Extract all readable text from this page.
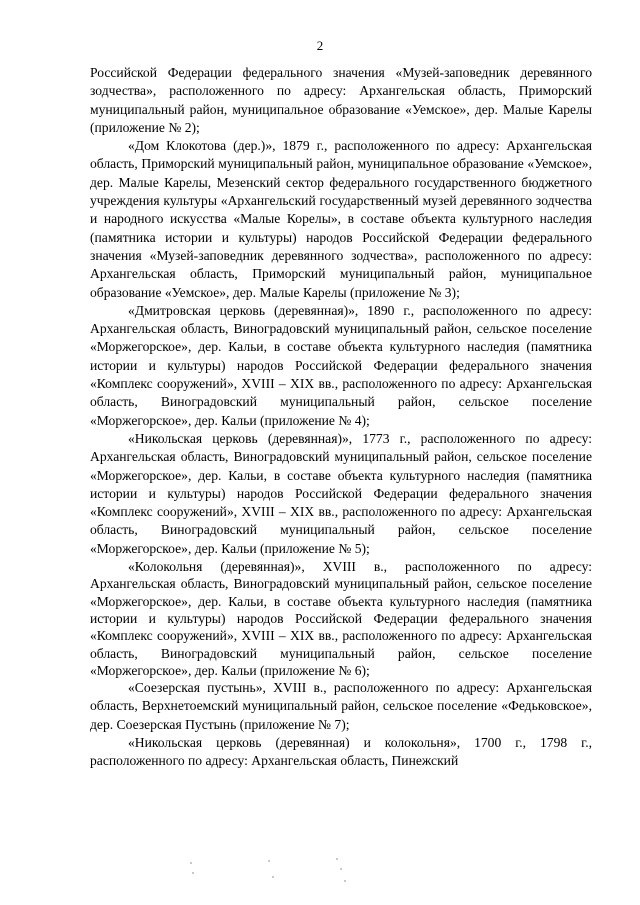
2

Российской Федерации федерального значения «Музей-заповедник деревянного зодчества», расположенного по адресу: Архангельская область, Приморский муниципальный район, муниципальное образование «Уемское», дер. Малые Карелы (приложение № 2);

«Дом Клокотова (дер.)», 1879 г., расположенного по адресу: Архангельская область, Приморский муниципальный район, муниципальное образование «Уемское», дер. Малые Карелы, Мезенский сектор федерального государственного бюджетного учреждения культуры «Архангельский государственный музей деревянного зодчества и народного искусства «Малые Корелы», в составе объекта культурного наследия (памятника истории и культуры) народов Российской Федерации федерального значения «Музей-заповедник деревянного зодчества», расположенного по адресу: Архангельская область, Приморский муниципальный район, муниципальное образование «Уемское», дер. Малые Карелы (приложение № 3);

«Дмитровская церковь (деревянная)», 1890 г., расположенного по адресу: Архангельская область, Виноградовский муниципальный район, сельское поселение «Моржегорское», дер. Кальи, в составе объекта культурного наследия (памятника истории и культуры) народов Российской Федерации федерального значения «Комплекс сооружений», XVIII – XIX вв., расположенного по адресу: Архангельская область, Виноградовский муниципальный район, сельское поселение «Моржегорское», дер. Кальи (приложение № 4);

«Никольская церковь (деревянная)», 1773 г., расположенного по адресу: Архангельская область, Виноградовский муниципальный район, сельское поселение «Моржегорское», дер. Кальи, в составе объекта культурного наследия (памятника истории и культуры) народов Российской Федерации федерального значения «Комплекс сооружений», XVIII – XIX вв., расположенного по адресу: Архангельская область, Виноградовский муниципальный район, сельское поселение «Моржегорское», дер. Кальи (приложение № 5);

«Колокольня (деревянная)», XVIII в., расположенного по адресу: Архангельская область, Виноградовский муниципальный район, сельское поселение «Моржегорское», дер. Кальи, в составе объекта культурного наследия (памятника истории и культуры) народов Российской Федерации федерального значения «Комплекс сооружений», XVIII – XIX вв., расположенного по адресу: Архангельская область, Виноградовский муниципальный район, сельское поселение «Моржегорское», дер. Кальи (приложение № 6);

«Соезерская пустынь», XVIII в., расположенного по адресу: Архангельская область, Верхнетоемский муниципальный район, сельское поселение «Федьковское», дер. Соезерская Пустынь (приложение № 7);

«Никольская церковь (деревянная) и колокольня», 1700 г., 1798 г., расположенного по адресу: Архангельская область, Пинежский
